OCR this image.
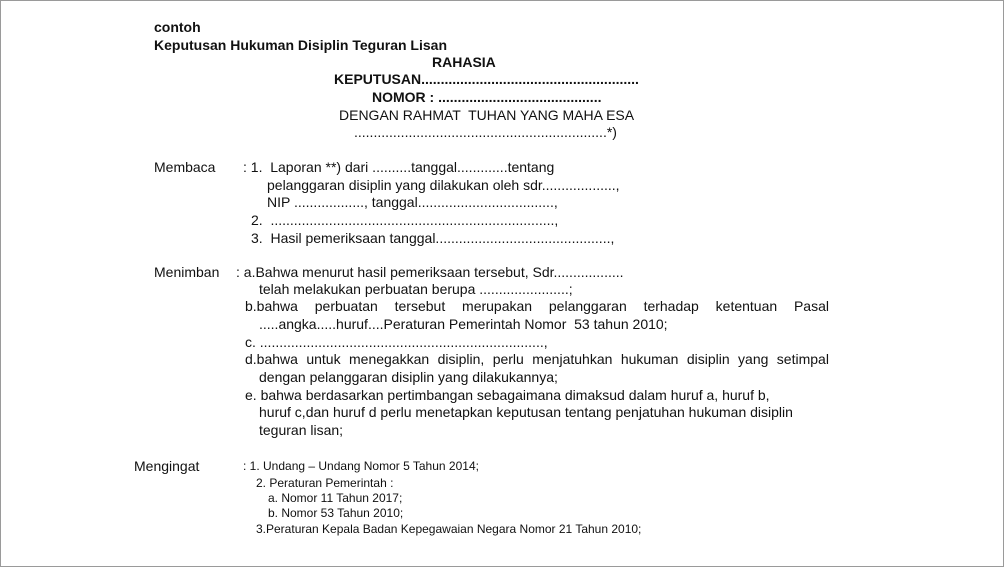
contoh
Keputusan Hukuman Disiplin Teguran Lisan
RAHASIA
KEPUTUSAN........................................................
NOMOR : ..........................................
DENGAN RAHMAT  TUHAN YANG MAHA ESA
.................................................................*)
Membaca : 1.  Laporan **) dari ..........tanggal.............tentang
pelanggaran disiplin yang dilakukan oleh sdr...................,
NIP .................., tanggal...................................,
2.  .........................................................................,
3.  Hasil pemeriksaan tanggal.............................................,
Menimban : a.Bahwa menurut hasil pemeriksaan tersebut, Sdr..................
telah melakukan perbuatan berupa .......................;
b.bahwa perbuatan tersebut merupakan pelanggaran terhadap ketentuan Pasal
.....angka.....huruf....Peraturan Pemerintah Nomor  53 tahun 2010;
c. .........................................................................,
d.bahwa untuk menegakkan disiplin, perlu menjatuhkan hukuman disiplin yang setimpal
dengan pelanggaran disiplin yang dilakukannya;
e. bahwa berdasarkan pertimbangan sebagaimana dimaksud dalam huruf a, huruf b,
huruf c,dan huruf d perlu menetapkan keputusan tentang penjatuhan hukuman disiplin
teguran lisan;
Mengingat	: 1. Undang – Undang Nomor 5 Tahun 2014;
2. Peraturan Pemerintah :
a. Nomor 11 Tahun 2017;
b. Nomor 53 Tahun 2010;
3.Peraturan Kepala Badan Kepegawaian Negara Nomor 21 Tahun 2010;
